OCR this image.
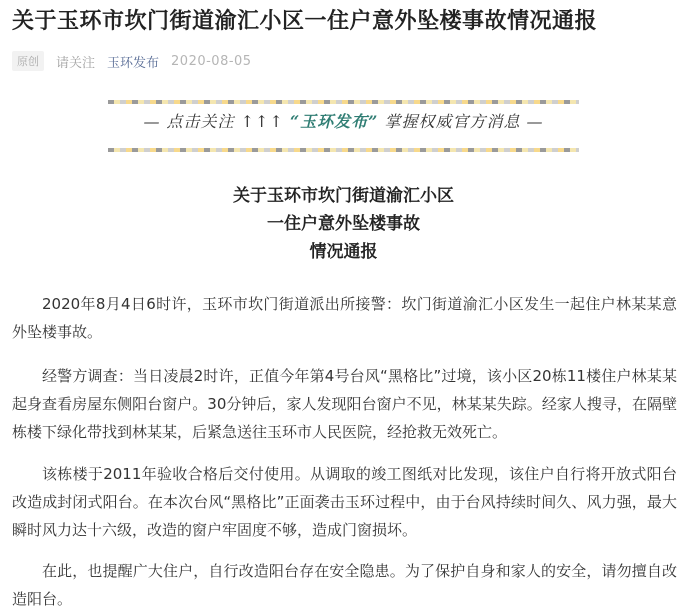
关于玉环市坎门街道渝汇小区一住户意外坠楼事故情况通报
原创	请关注 玉环发布 2020-08-05
— 点击关注 ↑↑↑ “玉环发布” 掌握权威官方消息 —
关于玉环市坎门街道渝汇小区
一住户意外坠楼事故
情况通报
2020年8月4日6时许，玉环市坎门街道派出所接警：坎门街道渝汇小区发生一起住户林某某意外坠楼事故。
经警方调查：当日凌晨2时许，正值今年第4号台风“黑格比”过境，该小区20栋11楼住户林某某起身查看房屋东侧阳台窗户。30分钟后，家人发现阳台窗户不见，林某某失踪。经家人搜寻，在隔壁栋楼下绿化带找到林某某，后紧急送往玉环市人民医院，经抢救无效死亡。
该栋楼于2011年验收合格后交付使用。从调取的竣工图纸对比发现，该住户自行将开放式阳台改造成封闭式阳台。在本次台风“黑格比”正面袭击玉环过程中，由于台风持续时间久、风力强，最大瞬时风力达十六级，改造的窗户牢固度不够，造成门窗损坏。
在此，也提醒广大住户，自行改造阳台存在安全隐患。为了保护自身和家人的安全，请勿擅自改造阳台。
